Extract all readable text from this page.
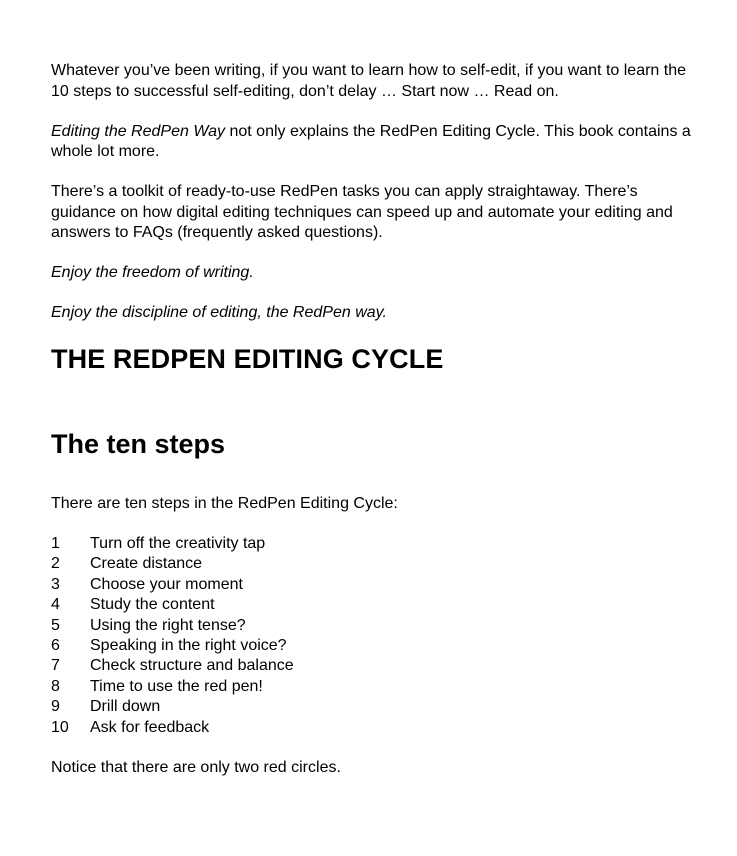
Whatever you’ve been writing, if you want to learn how to self-edit, if you want to learn the 10 steps to successful self-editing, don’t delay … Start now … Read on.

Editing the RedPen Way not only explains the RedPen Editing Cycle. This book contains a whole lot more.

There’s a toolkit of ready-to-use RedPen tasks you can apply straightaway. There’s guidance on how digital editing techniques can speed up and automate your editing and answers to FAQs (frequently asked questions).

Enjoy the freedom of writing.

Enjoy the discipline of editing, the RedPen way.

THE REDPEN EDITING CYCLE
The ten steps

There are ten steps in the RedPen Editing Cycle:

1	Turn off the creativity tap
2	Create distance
3	Choose your moment
4	Study the content
5	Using the right tense?
6	Speaking in the right voice?
7	Check structure and balance
8	Time to use the red pen!
9	Drill down
10	Ask for feedback

Notice that there are only two red circles.
